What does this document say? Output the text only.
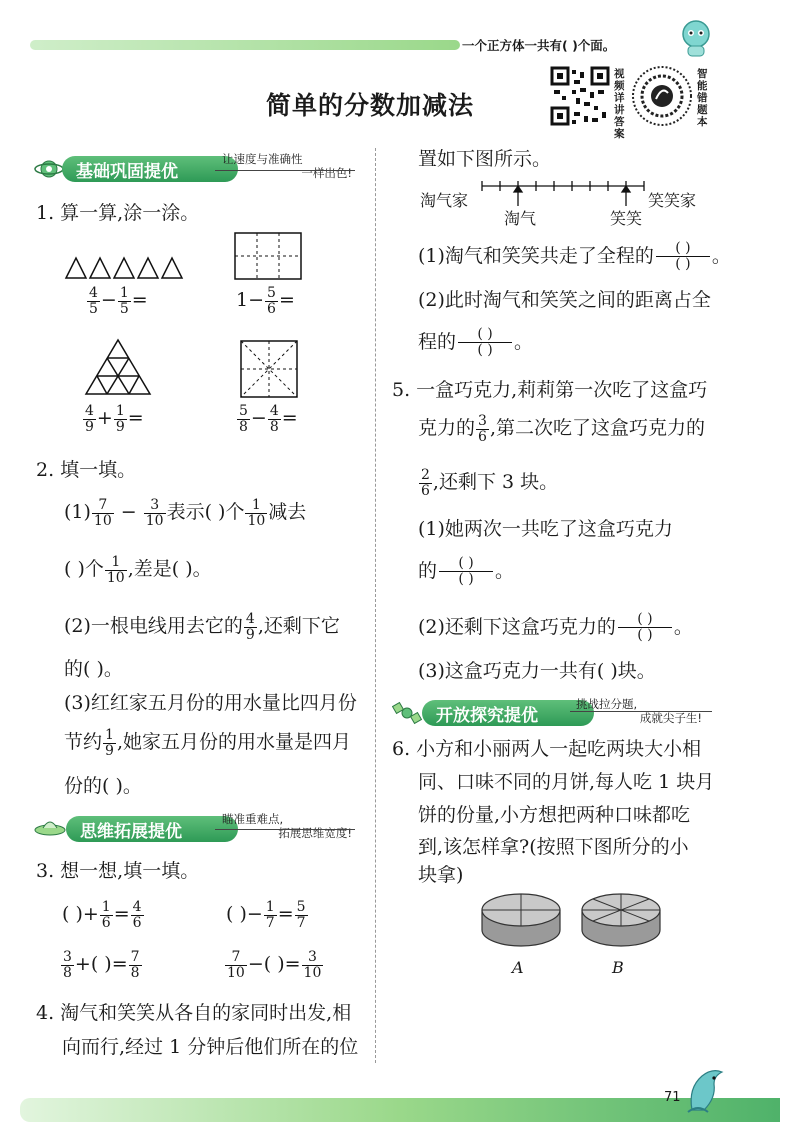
一个正方体一共有( )个面。
简单的分数加减法
视频详讲答案
智能错题本
基础巩固提优
让速度与准确性
一样出色!
1. 算一算,涂一涂。
$\frac{4}{5} - \frac{1}{5}$ =	$1- \frac{5}{6}$ =
$\frac{4}{9} + \frac{1}{9}$ =	$\frac{5}{8} - \frac{4}{8}$ =
2. 填一填。
$(1) \frac{7}{10} - \frac{3}{10}$ 表示( )个 $\frac{1}{10}$ 减去
( )个 $\frac{1}{10}$ ,差是( )。
(2)一根电线用去它的 $\frac{4}{9}$ ,还剩下它
的( )。
(3)红红家五月份的用水量比四月份
节约 $\frac{1}{9}$ ,她家五月份的用水量是四月
份的( )。
思维拓展提优
瞄准重难点,
拓展思维宽度!
3. 想一想,填一填。
( )+ $\frac{1}{6} = \frac{4}{6}$	( )− $\frac{1}{7} = \frac{5}{7}$
$\frac{3}{8}$ +( )= $\frac{7}{8}$	$\frac{7}{10}$ −( )= $\frac{3}{10}$
4. 淘气和笑笑从各自的家同时出发,相
向而行,经过 1 分钟后他们所在的位
置如下图所示。
淘气家	笑笑家
淘气	笑笑
(1)淘气和笑笑共走了全程的 ( )
( ) 。
(2)此时淘气和笑笑之间的距离占全
程的 ( )
( ) 。
5. 一盒巧克力,莉莉第一次吃了这盒巧
克力的 $\frac{3}{6}$ ,第二次吃了这盒巧克力的
$\frac{2}{6}$ ,还剩下 3 块。
(1)她两次一共吃了这盒巧克力
的 ( )
( ) 。
(2)还剩下这盒巧克力的 ( )
( ) 。
(3)这盒巧克力一共有( )块。
开放探究提优
挑战拉分题,
成就尖子生!
6. 小方和小丽两人一起吃两块大小相
同、口味不同的月饼,每人吃 1 块月
饼的份量,小方想把两种口味都吃
到,该怎样拿?(按照下图所分的小
块拿)
A	B
71
